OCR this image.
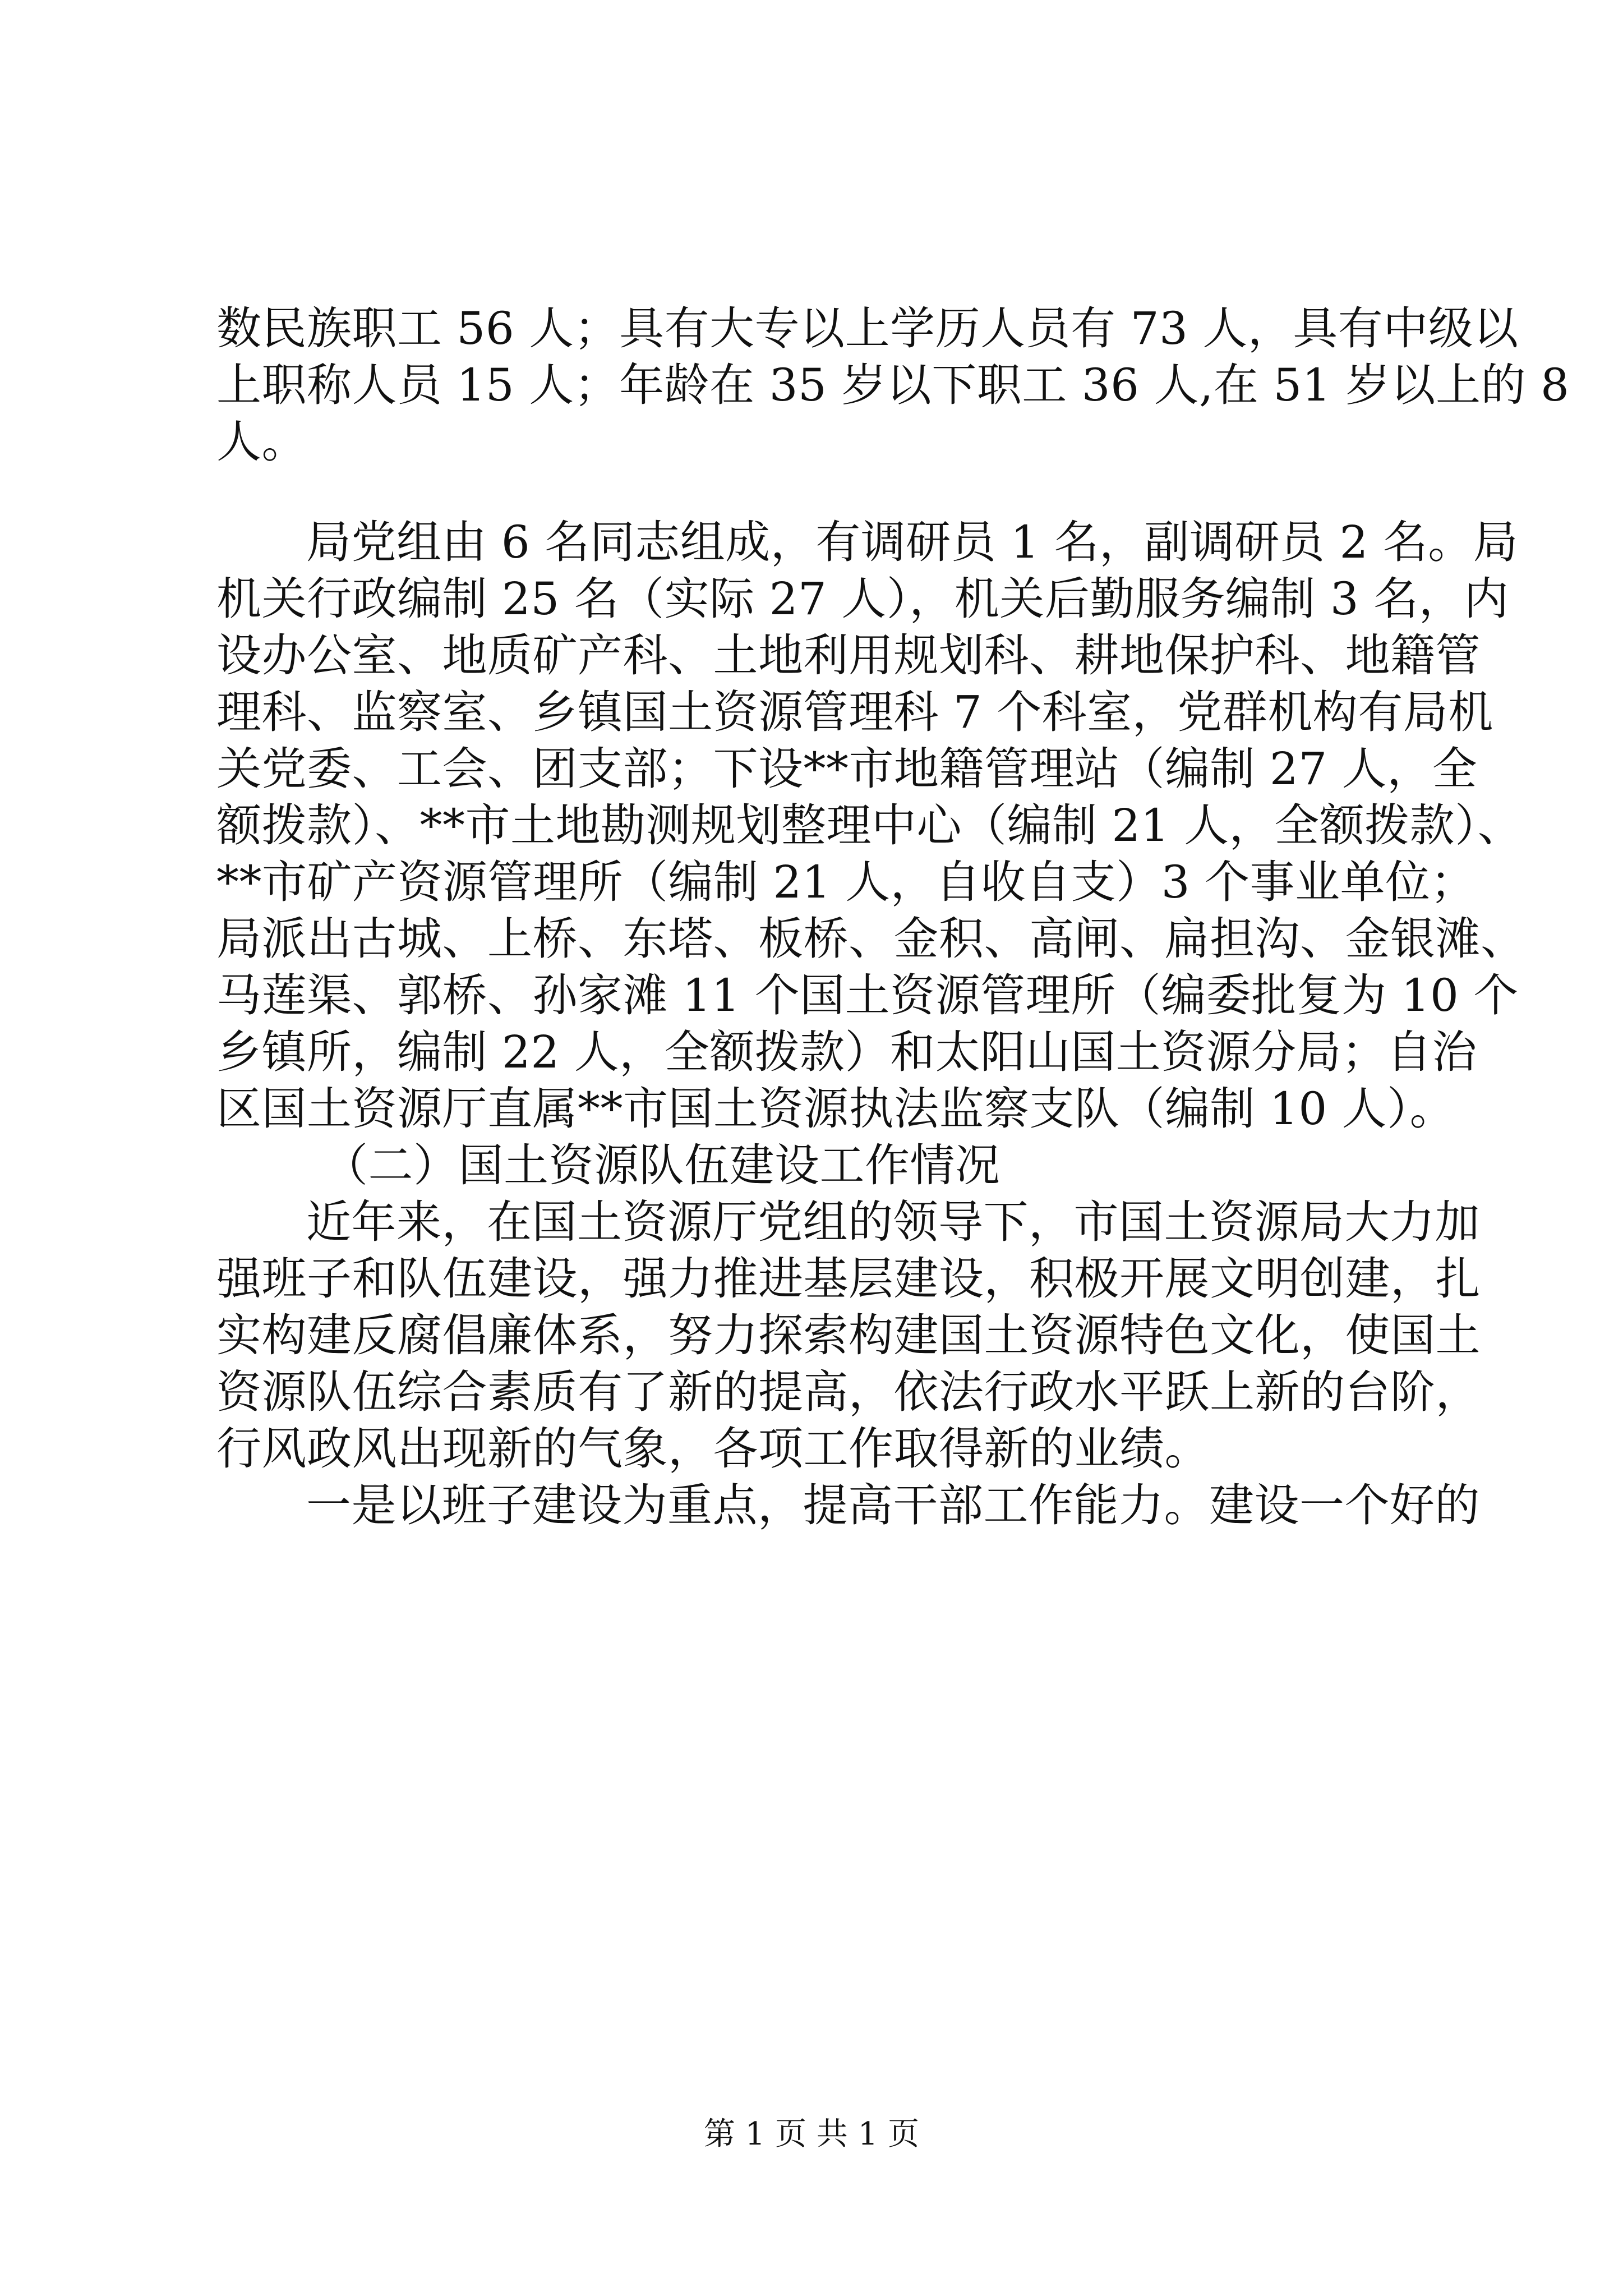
数民族职工 56 人；具有大专以上学历人员有 73 人，具有中级以
上职称人员 15 人；年龄在 35 岁以下职工 36 人,在 51 岁以上的 8
人。
局党组由 6 名同志组成，有调研员 1 名，副调研员 2 名。局
机关行政编制 25 名（实际 27 人），机关后勤服务编制 3 名，内
设办公室、地质矿产科、土地利用规划科、耕地保护科、地籍管
理科、监察室、乡镇国土资源管理科 7 个科室，党群机构有局机
关党委、工会、团支部；下设**市地籍管理站（编制 27 人，全
额拨款）、**市土地勘测规划整理中心（编制 21 人，全额拨款）、
**市矿产资源管理所（编制 21 人，自收自支）3 个事业单位；
局派出古城、上桥、东塔、板桥、金积、高闸、扁担沟、金银滩、
马莲渠、郭桥、孙家滩 11 个国土资源管理所（编委批复为 10 个
乡镇所，编制 22 人，全额拨款）和太阳山国土资源分局；自治
区国土资源厅直属**市国土资源执法监察支队（编制 10 人）。
（二）国土资源队伍建设工作情况
近年来，在国土资源厅党组的领导下，市国土资源局大力加
强班子和队伍建设，强力推进基层建设，积极开展文明创建，扎
实构建反腐倡廉体系，努力探索构建国土资源特色文化，使国土
资源队伍综合素质有了新的提高，依法行政水平跃上新的台阶，
行风政风出现新的气象，各项工作取得新的业绩。
一是以班子建设为重点，提高干部工作能力。建设一个好的
第 1 页 共 1 页
